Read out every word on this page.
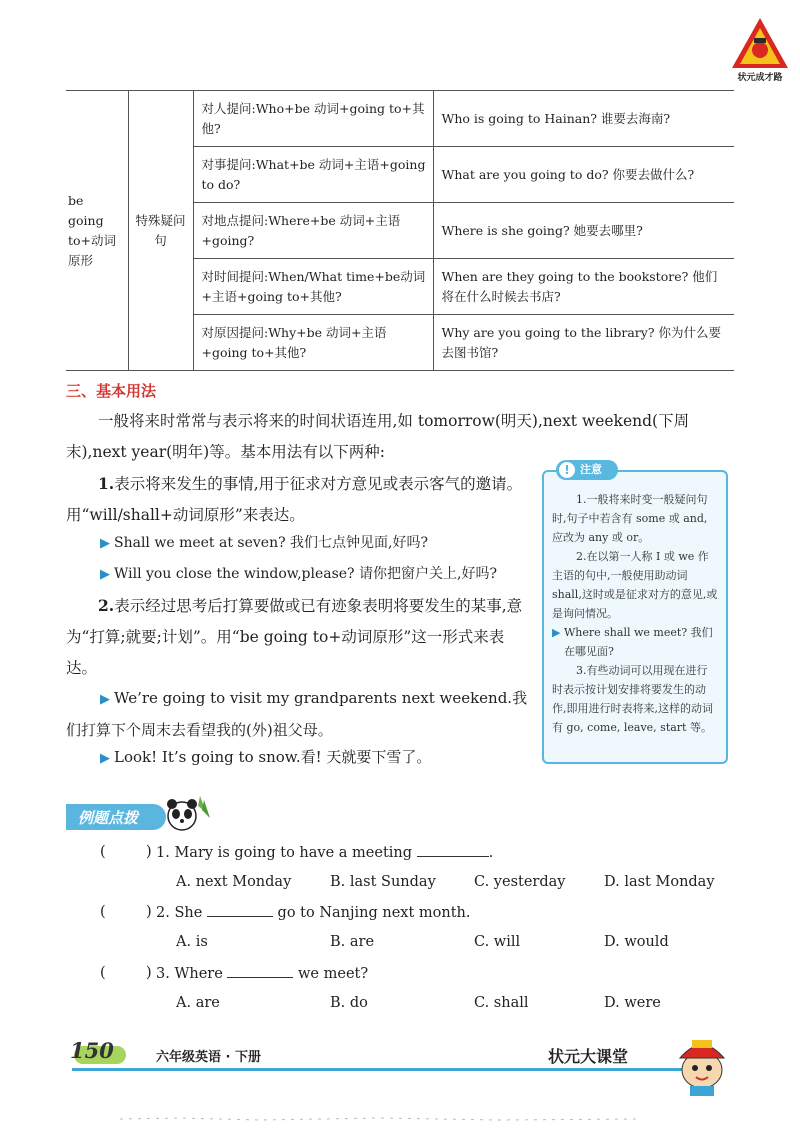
状元成才路
be going to+动词原形	特殊疑问句	对人提问:Who+be 动词+going to+其他?	Who is going to Hainan? 谁要去海南?
		对事提问:What+be 动词+主语+going to do?	What are you going to do? 你要去做什么?
		对地点提问:Where+be 动词+主语+going?	Where is she going? 她要去哪里?
		对时间提问:When/What time+be动词+主语+going to+其他?	When are they going to the bookstore? 他们将在什么时候去书店?
		对原因提问:Why+be 动词+主语+going to+其他?	Why are you going to the library? 你为什么要去图书馆?
三、基本用法
一般将来时常常与表示将来的时间状语连用,如 tomorrow(明天),next weekend(下周末),next year(明年)等。基本用法有以下两种:
1.表示将来发生的事情,用于征求对方意见或表示客气的邀请。用“will/shall+动词原形”来表达。
▶ Shall we meet at seven? 我们七点钟见面,好吗?
▶ Will you close the window,please? 请你把窗户关上,好吗?
2.表示经过思考后打算要做或已有迹象表明将要发生的某事,意为“打算;就要;计划”。用“be going to+动词原形”这一形式来表达。
▶ We’re going to visit my grandparents next weekend.我们打算下个周末去看望我的(外)祖父母。
▶ Look! It’s going to snow.看! 天就要下雪了。

1.一般将来时变一般疑问句时,句子中若含有 some 或 and,应改为 any 或 or。

2.在以第一人称 I 或 we 作主语的句中,一般使用助动词 shall,这时或是征求对方的意见,或是询问情况。

▶ Where shall we meet? 我们在哪见面?

3.有些动词可以用现在进行时表示按计划安排将要发生的动作,即用进行时表将来,这样的动词有 go, come, leave, start 等。

! 注意
例题点拨
(	) 1. Mary is going to have a meeting	.
A. next Monday	B. last Sunday	C. yesterday	D. last Monday
(	) 2. She	go to Nanjing next month.
A. is	B. are	C. will	D. would
(	) 3. Where	we meet?
A. are	B. do	C. shall	D. were
150	六年级英语 · 下册	状元大课堂
